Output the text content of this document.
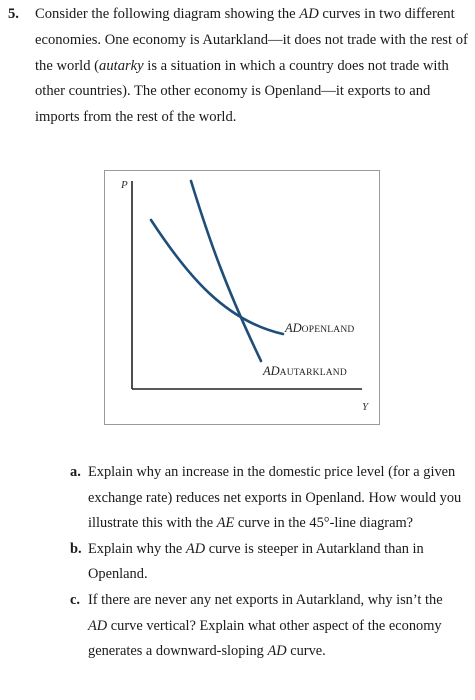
5.	Consider the following diagram showing the AD curves in two different economies. One economy is Autarkland—it does not trade with the rest of the world (autarky is a situation in which a country does not trade with other countries). The other economy is Openland—it exports to and imports from the rest of the world.
P
Y
ADOPENLAND
ADAUTARKLAND
a. Explain why an increase in the domestic price level (for a given exchange rate) reduces net exports in Openland. How would you illustrate this with the AE curve in the 45°-line diagram?
b. Explain why the AD curve is steeper in Autarkland than in Openland.
c. If there are never any net exports in Autarkland, why isn’t the AD curve vertical? Explain what other aspect of the economy generates a downward-sloping AD curve.
